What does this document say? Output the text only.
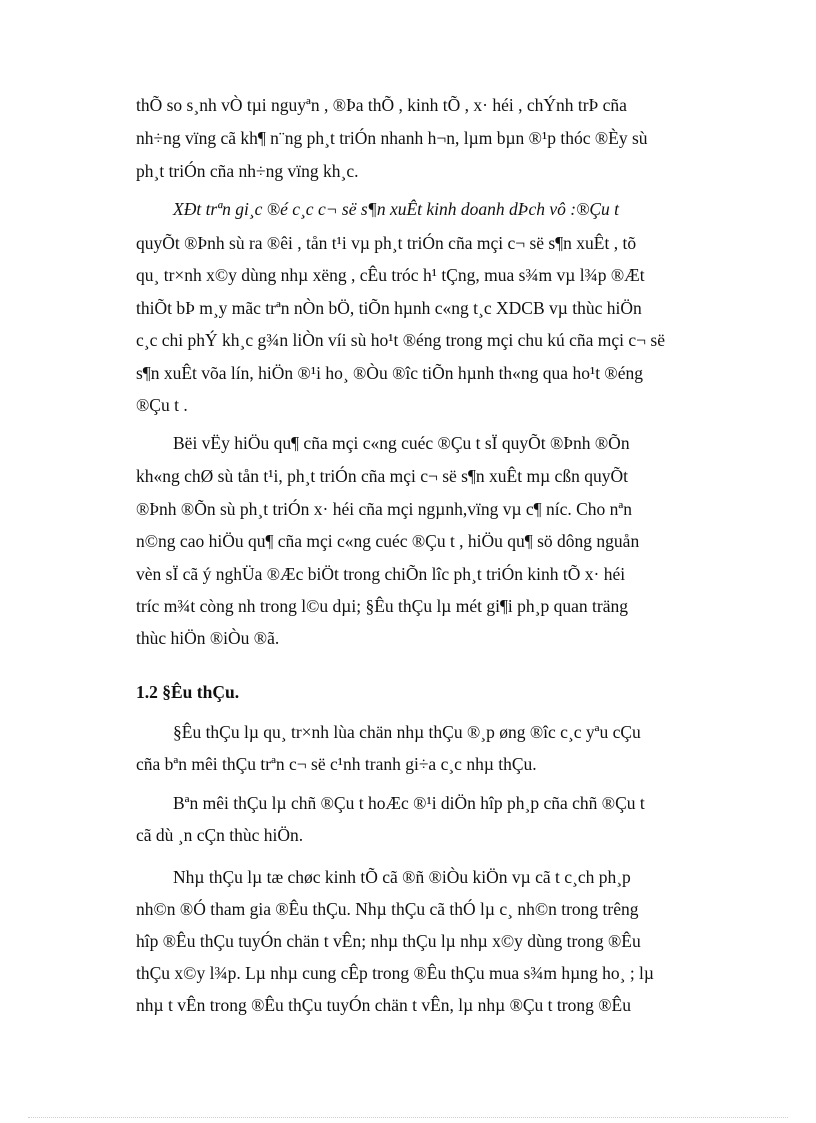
thÕ so s¸nh vÒ tµi nguyªn , ®Þa thÕ , kinh tÕ , x· héi , chÝnh trÞ cña
nh÷ng vïng cã kh¶ n¨ng ph¸t triÓn nhanh h¬n, lµm bµn ®¹p thóc ®Èy sù
ph¸t triÓn cña nh÷ng vïng kh¸c.
XÐt trªn gi¸c ®é c¸c c¬ së s¶n xuÊt kinh doanh dÞch vô :®Çu t
quyÕt ®Þnh sù ra ®êi , tån t¹i vµ ph¸t triÓn cña mçi c¬ së s¶n xuÊt , tõ
qu¸ tr×nh x©y dùng nhµ xëng , cÊu tróc h¹ tÇng, mua s¾m vµ l¾p ®Æt
thiÕt bÞ m¸y mãc trªn nÒn bÖ, tiÕn hµnh c«ng t¸c XDCB vµ thùc hiÖn
c¸c chi phÝ kh¸c g¾n liÒn víi sù ho¹t ®éng trong mçi chu kú cña mçi c¬ së
s¶n xuÊt võa lín, hiÖn ®¹i ho¸ ®Òu ®îc tiÕn hµnh th«ng qua ho¹t ®éng
®Çu t .
Bëi vËy hiÖu qu¶ cña mçi c«ng cuéc ®Çu t sÏ quyÕt ®Þnh ®Õn
kh«ng chØ sù tån t¹i, ph¸t triÓn cña mçi c¬ së s¶n xuÊt mµ cßn quyÕt
®Þnh ®Õn sù ph¸t triÓn x· héi cña mçi ngµnh,vïng vµ c¶ níc. Cho nªn
n©ng cao hiÖu qu¶ cña mçi c«ng cuéc ®Çu t , hiÖu qu¶ sö dông nguån
vèn sÏ cã ý nghÜa ®Æc biÖt trong chiÕn lîc ph¸t triÓn kinh tÕ x· héi
tríc m¾t còng nh trong l©u dµi; §Êu thÇu lµ mét gi¶i ph¸p quan träng
thùc hiÖn ®iÒu ®ã.
1.2 §Êu thÇu.
§Êu thÇu lµ qu¸ tr×nh lùa chän nhµ thÇu ®¸p øng ®îc c¸c yªu cÇu
cña bªn mêi thÇu trªn c¬ së c¹nh tranh gi÷a c¸c nhµ thÇu.
Bªn mêi thÇu lµ chñ ®Çu t hoÆc ®¹i diÖn hîp ph¸p cña chñ ®Çu t
cã dù ¸n cÇn thùc hiÖn.
Nhµ thÇu lµ tæ chøc kinh tÕ cã ®ñ ®iÒu kiÖn vµ cã t c¸ch ph¸p
nh©n ®Ó tham gia ®Êu thÇu. Nhµ thÇu cã thÓ lµ c¸ nh©n trong trêng
hîp ®Êu thÇu tuyÓn chän t vÊn; nhµ thÇu lµ nhµ x©y dùng trong ®Êu
thÇu x©y l¾p. Lµ nhµ cung cÊp trong ®Êu thÇu mua s¾m hµng ho¸ ; lµ
nhµ t vÊn trong ®Êu thÇu tuyÓn chän t vÊn, lµ nhµ ®Çu t trong ®Êu
